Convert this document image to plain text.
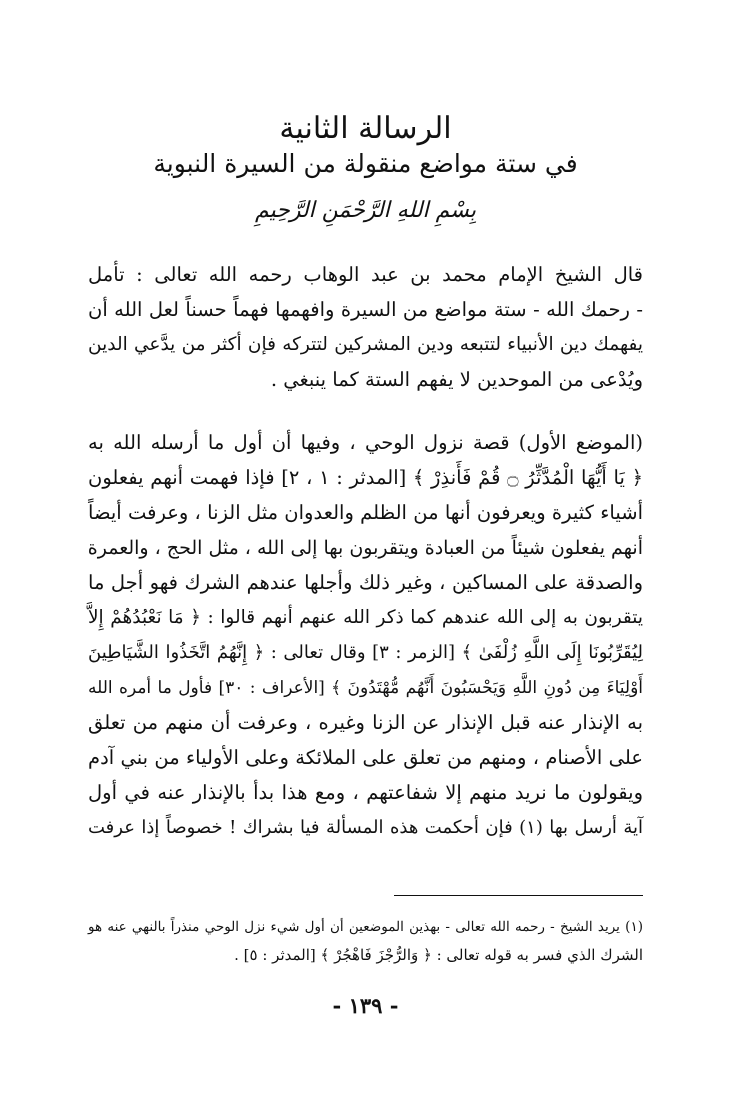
الرسالة الثانية
في ستة مواضع منقولة من السيرة النبوية
بِسْمِ اللهِ الرَّحْمَنِ الرَّحِيمِ
قال الشيخ الإمام محمد بن عبد الوهاب رحمه الله تعالى : تأمل
- رحمك الله - ستة مواضع من السيرة وافهمها فهماً حسناً لعل الله أن
يفهمك دين الأنبياء لتتبعه ودين المشركين لتتركه فإن أكثر من يدَّعي الدين
ويُدْعى من الموحدين لا يفهم الستة كما ينبغي .
(الموضع الأول) قصة نزول الوحي ، وفيها أن أول ما أرسله الله به
﴿ يَا أَيُّهَا الْمُدَّثِّرُ ۝ قُمْ فَأَنذِرْ ﴾ [المدثر : ١ ، ٢] فإذا فهمت أنهم يفعلون
أشياء كثيرة ويعرفون أنها من الظلم والعدوان مثل الزنا ، وعرفت أيضاً
أنهم يفعلون شيئاً من العبادة ويتقربون بها إلى الله ، مثل الحج ، والعمرة
والصدقة على المساكين ، وغير ذلك وأجلها عندهم الشرك فهو أجل ما
يتقربون به إلى الله عندهم كما ذكر الله عنهم أنهم قالوا : ﴿ مَا نَعْبُدُهُمْ إِلاَّ
لِيُقَرِّبُونَا إِلَى اللَّهِ زُلْفَىٰ ﴾ [الزمر : ٣] وقال تعالى : ﴿ إِنَّهُمُ اتَّخَذُوا الشَّيَاطِينَ
أَوْلِيَاءَ مِن دُونِ اللَّهِ وَيَحْسَبُونَ أَنَّهُم مُّهْتَدُونَ ﴾ [الأعراف : ٣٠] فأول ما أمره الله
به الإنذار عنه قبل الإنذار عن الزنا وغيره ، وعرفت أن منهم من تعلق
على الأصنام ، ومنهم من تعلق على الملائكة وعلى الأولياء من بني آدم
ويقولون ما نريد منهم إلا شفاعتهم ، ومع هذا بدأ بالإنذار عنه في أول
آية أرسل بها (١) فإن أحكمت هذه المسألة فيا بشراك ! خصوصاً إذا عرفت
(١) يريد الشيخ - رحمه الله تعالى - بهذين الموضعين أن أول شيء نزل الوحي منذراً بالنهي عنه هو
الشرك الذي فسر به قوله تعالى : ﴿ وَالرُّجْزَ فَاهْجُرْ ﴾ [المدثر : ٥] .
- ١٣٩ -
